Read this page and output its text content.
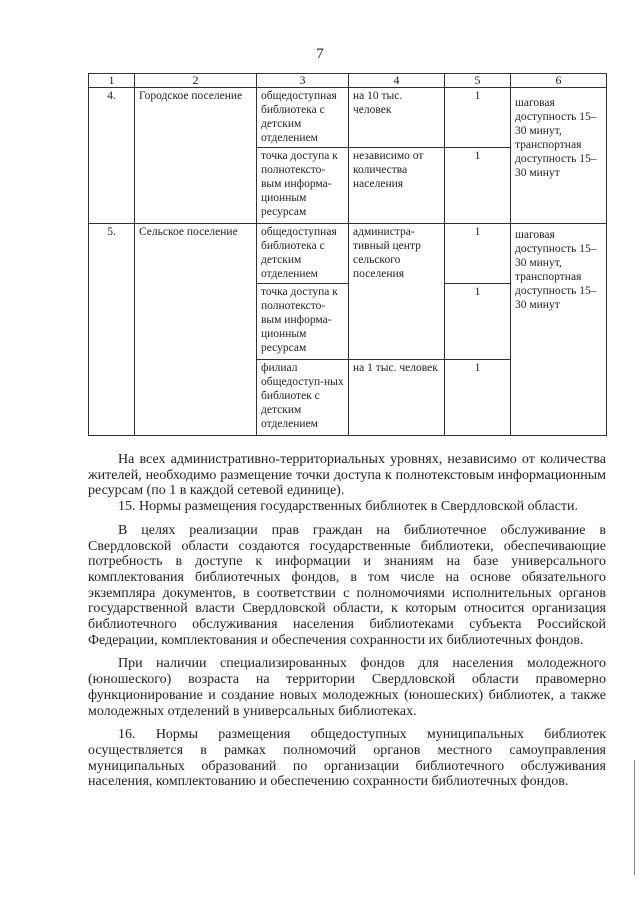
7
1	2	3	4	5	6
4.	Городское поселение	общедоступная библиотека с детским отделением	на 10 тыс. человек	1	шаговая доступность 15–30 минут, транспортная доступность 15–30 минут
		точка доступа к полнотексто-вым информа-ционным ресурсам	независимо от количества населения	1	
5.	Сельское поселение	общедоступная библиотека с детским отделением	администра-тивный центр сельского поселения	1	шаговая доступность 15–30 минут, транспортная доступность 15–30 минут
		точка доступа к полнотексто-вым информа-ционным ресурсам		1	
		филиал общедоступ-ных библиотек с детским отделением	на 1 тыс. человек	1	

На всех административно-территориальных уровнях, независимо от количества жителей, необходимо размещение точки доступа к полнотекстовым информационным ресурсам (по 1 в каждой сетевой единице).

15. Нормы размещения государственных библиотек в Свердловской области.

В целях реализации прав граждан на библиотечное обслуживание в Свердловской области создаются государственные библиотеки, обеспечивающие потребность в доступе к информации и знаниям на базе универсального комплектования библиотечных фондов, в том числе на основе обязательного экземпляра документов, в соответствии с полномочиями исполнительных органов государственной власти Свердловской области, к которым относится организация библиотечного обслуживания населения библиотеками субъекта Российской Федерации, комплектования и обеспечения сохранности их библиотечных фондов.

При наличии специализированных фондов для населения молодежного (юношеского) возраста на территории Свердловской области правомерно функционирование и создание новых молодежных (юношеских) библиотек, а также молодежных отделений в универсальных библиотеках.

16. Нормы размещения общедоступных муниципальных библиотек осуществляется в рамках полномочий органов местного самоуправления муниципальных образований по организации библиотечного обслуживания населения, комплектованию и обеспечению сохранности библиотечных фондов.
